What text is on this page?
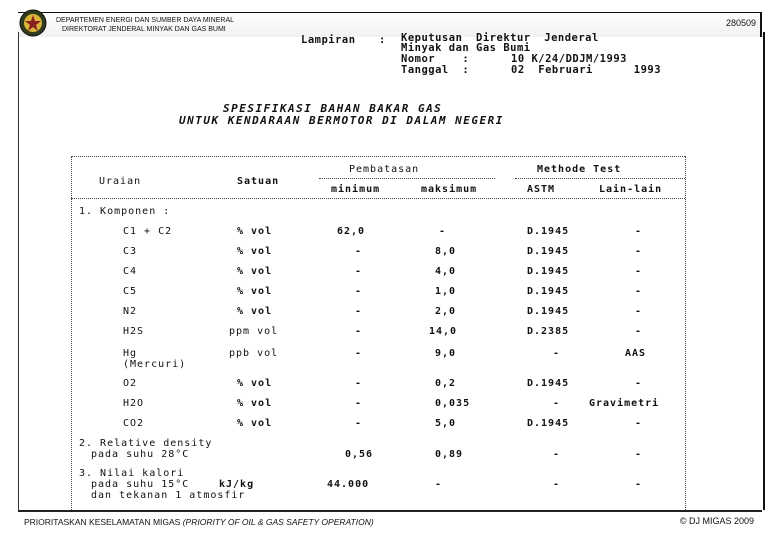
DEPARTEMEN ENERGI DAN SUMBER DAYA MINERAL
DIREKTORAT JENDERAL MINYAK DAN GAS BUMI
280509
Lampiran : Keputusan  Direktur  Jenderal
Minyak dan Gas Bumi
Nomor    :	10 K/24/DDJM/1993
Tanggal  :	02  Februari      1993
SPESIFIKASI BAHAN BAKAR GAS
UNTUK KENDARAAN BERMOTOR DI DALAM NEGERI
Uraian	Satuan
Pembatasan
minimum	maksimum
Methode Test
ASTM	Lain-lain
1. Komponen :
C1 + C2	% vol	62,0	-	D.1945	-
C3	% vol	-	8,0	D.1945	-
C4	% vol	-	4,0	D.1945	-
C5	% vol	-	1,0	D.1945	-
N2	% vol	-	2,0	D.1945	-
H2S	ppm vol	-	14,0	D.2385	-
Hg
(Mercuri)
ppb vol	-	9,0	-	AAS
O2	% vol	-	0,2	D.1945	-
H2O	% vol	-	0,035	-	Gravimetri
CO2	% vol	-	5,0	D.1945	-
2. Relative density
pada suhu 28°C	0,56	0,89	-	-
3. Nilai kalori
pada suhu 15°C
dan tekanan 1 atmosfir
kJ/kg	44.000	-	-	-
PRIORITASKAN KESELAMATAN MIGAS (PRIORITY OF OIL & GAS SAFETY OPERATION)	© DJ MIGAS 2009
